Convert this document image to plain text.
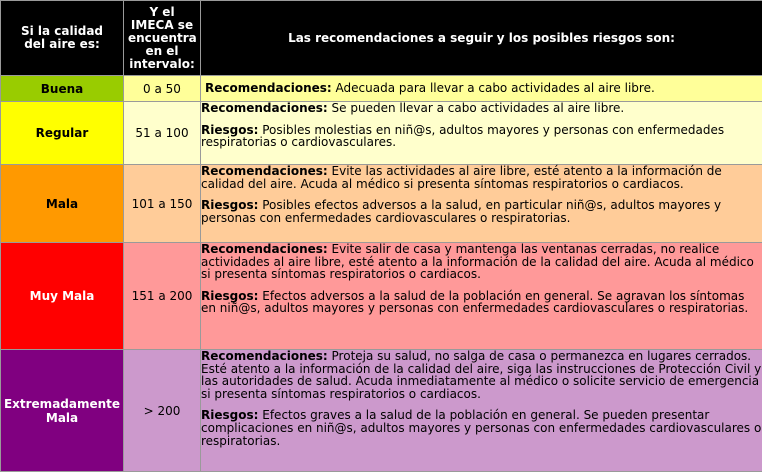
Si la calidad del aire es:	Y el IMECA se encuentra en el intervalo:	Las recomendaciones a seguir y los posibles riesgos son:
Buena	0 a 50	Recomendaciones: Adecuada para llevar a cabo actividades al aire libre.

Regular	51 a 100	Recomendaciones: Se pueden llevar a cabo actividades al aire libre.

Riesgos: Posibles molestias en niñ@s, adultos mayores y personas con enfermedades respiratorias o cardiovasculares.

Mala	101 a 150	Recomendaciones: Evite las actividades al aire libre, esté atento a la información de calidad del aire. Acuda al médico si presenta síntomas respiratorios o cardiacos.

Riesgos: Posibles efectos adversos a la salud, en particular niñ@s, adultos mayores y personas con enfermedades cardiovasculares o respiratorias.

Muy Mala	151 a 200	Recomendaciones: Evite salir de casa y mantenga las ventanas cerradas, no realice actividades al aire libre, esté atento a la información de la calidad del aire. Acuda al médico si presenta síntomas respiratorios o cardiacos.

Riesgos: Efectos adversos a la salud de la población en general. Se agravan los síntomas en niñ@s, adultos mayores y personas con enfermedades cardiovasculares o respiratorias.

Extremadamente Mala	> 200	Recomendaciones: Proteja su salud, no salga de casa o permanezca en lugares cerrados. Esté atento a la información de la calidad del aire, siga las instrucciones de Protección Civil y las autoridades de salud. Acuda inmediatamente al médico o solicite servicio de emergencia si presenta síntomas respiratorios o cardiacos.

Riesgos: Efectos graves a la salud de la población en general. Se pueden presentar complicaciones en niñ@s, adultos mayores y personas con enfermedades cardiovasculares o respiratorias.
